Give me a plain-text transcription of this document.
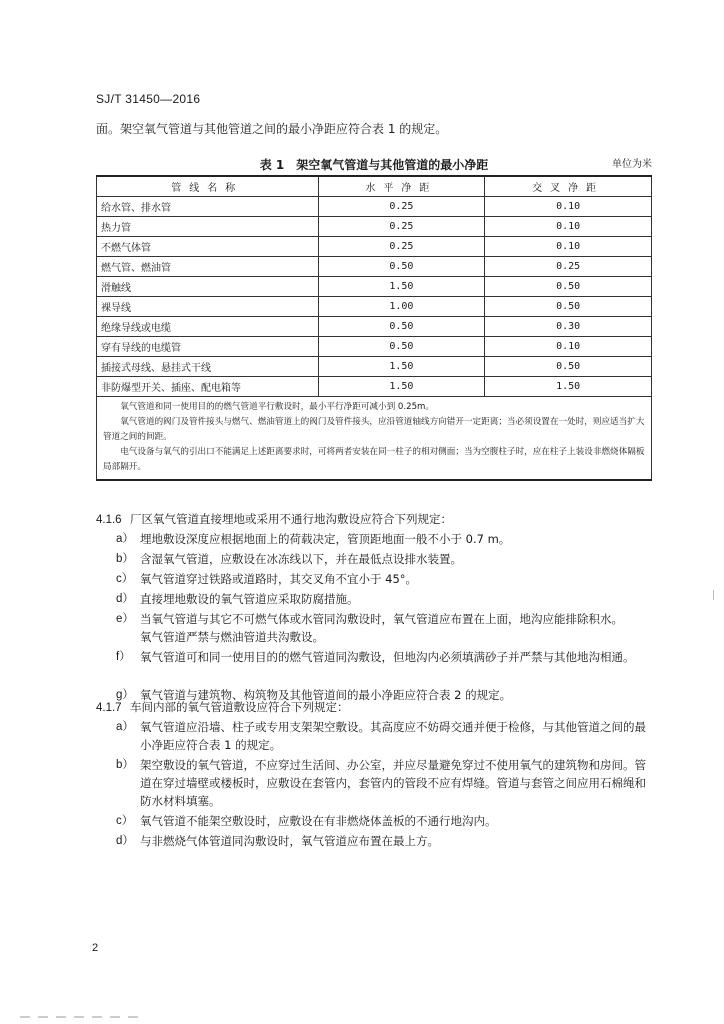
SJ/T 31450—2016
面。架空氧气管道与其他管道之间的最小净距应符合表 1 的规定。
表 1　架空氧气管道与其他管道的最小净距	单位为米
管线名称	水平净距	交叉净距
给水管、排水管	0.25	0.10
热力管	0.25	0.10
不燃气体管	0.25	0.10
燃气管、燃油管	0.50	0.25
滑触线	1.50	0.50
裸导线	1.00	0.50
绝缘导线或电缆	0.50	0.30
穿有导线的电缆管	0.50	0.10
插接式母线、悬挂式干线	1.50	0.50
非防爆型开关、插座、配电箱等	1.50	1.50

氧气管道和同一使用目的的燃气管道平行敷设时，最小平行净距可减小到 0.25m。

氧气管道的阀门及管件接头与燃气、燃油管道上的阀门及管件接头，应沿管道轴线方向错开一定距离；当必须设置在一处时，则应适当扩大管道之间的间距。

电气设备与氧气的引出口不能满足上述距离要求时，可将两者安装在同一柱子的相对侧面；当为空腹柱子时，应在柱子上装设非燃烧体隔板局部隔开。		

4.1.6 厂区氧气管道直接埋地或采用不通行地沟敷设应符合下列规定：
a） 埋地敷设深度应根据地面上的荷载决定，管顶距地面一般不小于 0.7 m。

b） 含湿氧气管道，应敷设在冰冻线以下，并在最低点设排水装置。

c） 氧气管道穿过铁路或道路时，其交叉角不宜小于 45°。

d） 直接埋地敷设的氧气管道应采取防腐措施。

e） 当氧气管道与其它不可燃气体或水管同沟敷设时，氧气管道应布置在上面，地沟应能排除积水。

氧气管道严禁与燃油管道共沟敷设。

f） 氧气管道可和同一使用目的的燃气管道同沟敷设，但地沟内必须填满砂子并严禁与其他地沟相通。

g） 氧气管道与建筑物、构筑物及其他管道间的最小净距应符合表 2 的规定。

4.1.7 车间内部的氧气管道敷设应符合下列规定：
a） 氧气管道应沿墙、柱子或专用支架架空敷设。其高度应不妨碍交通并便于检修，与其他管道之间的最小净距应符合表 1 的规定。

b） 架空敷设的氧气管道，不应穿过生活间、办公室，并应尽量避免穿过不使用氧气的建筑物和房间。管道在穿过墙壁或楼板时，应敷设在套管内，套管内的管段不应有焊缝。管道与套管之间应用石棉绳和防水材料填塞。

c） 氧气管道不能架空敷设时，应敷设在有非燃烧体盖板的不通行地沟内。

d） 与非燃烧气体管道同沟敷设时，氧气管道应布置在最上方。

2
